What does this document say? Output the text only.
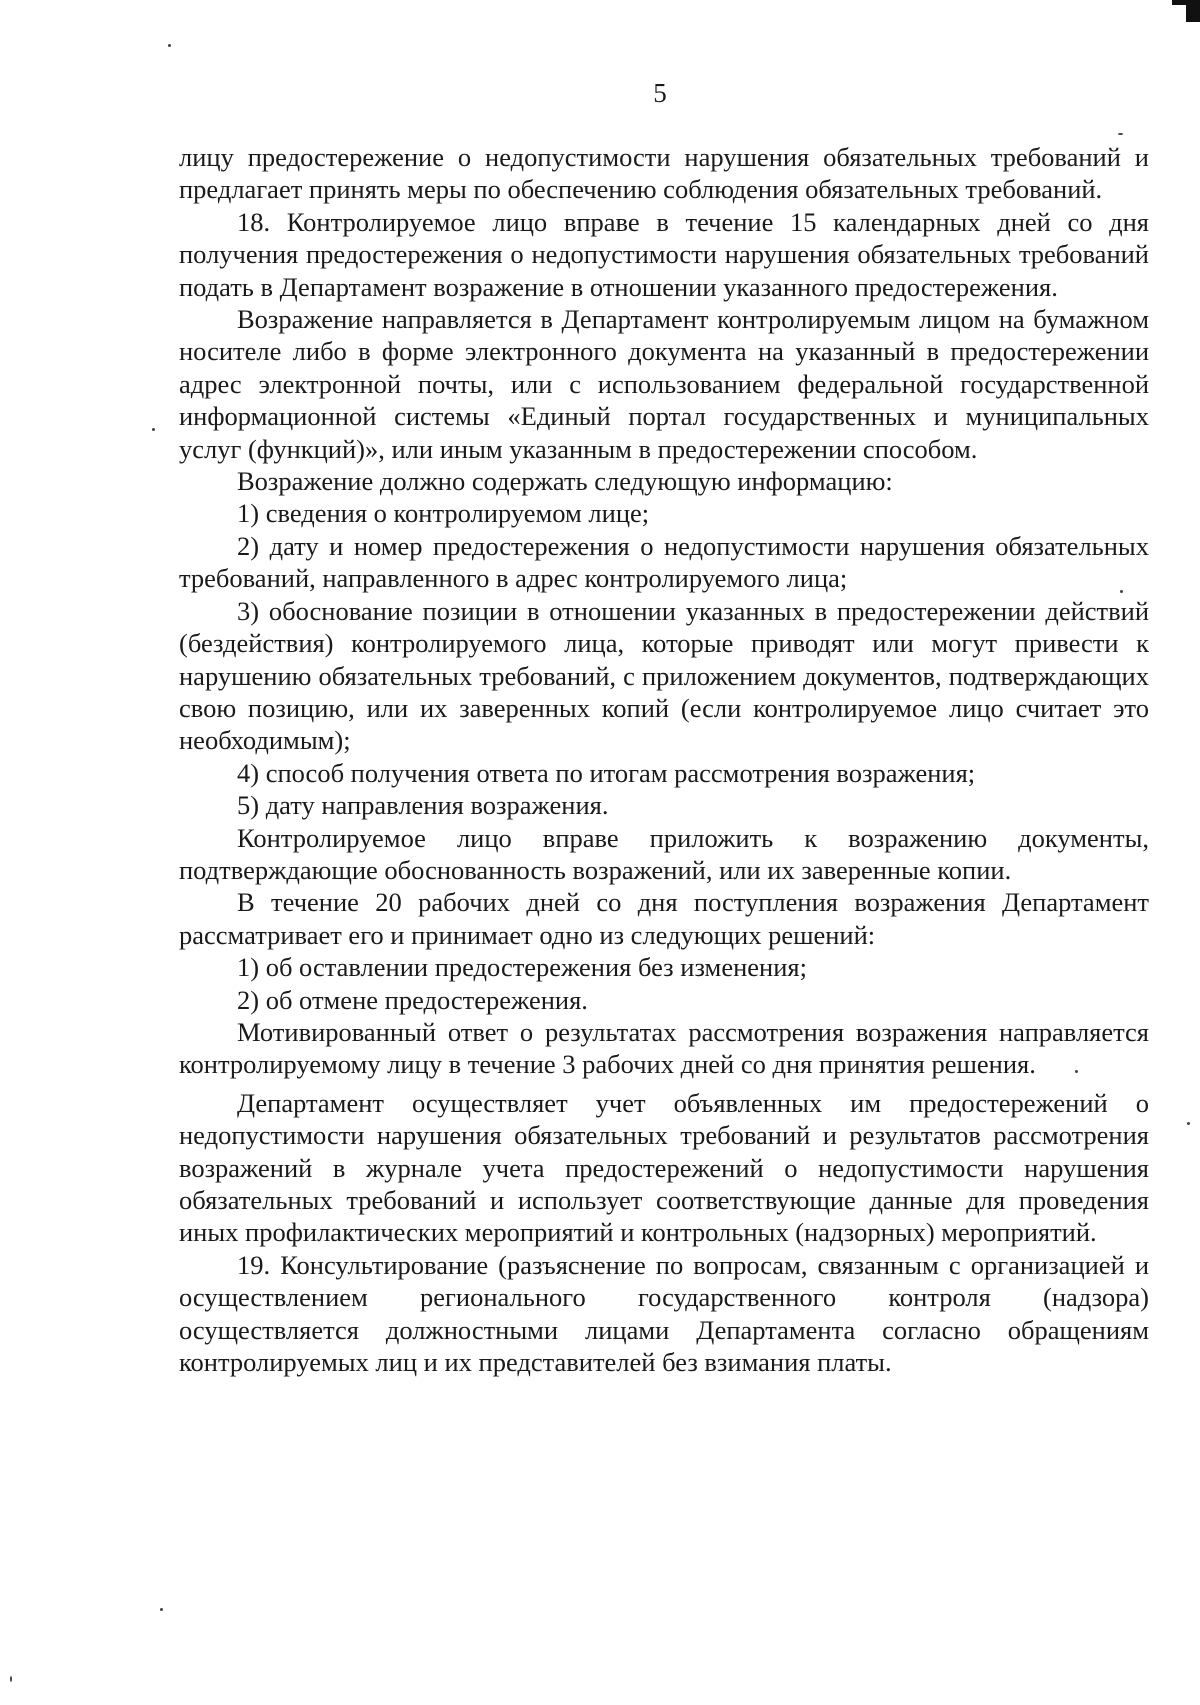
5

лицу предостережение о недопустимости нарушения обязательных требований и предлагает принять меры по обеспечению соблюдения обязательных требований.

18. Контролируемое лицо вправе в течение 15 календарных дней со дня получения предостережения о недопустимости нарушения обязательных требований подать в Департамент возражение в отношении указанного предостережения.

Возражение направляется в Департамент контролируемым лицом на бумажном носителе либо в форме электронного документа на указанный в предостережении адрес электронной почты, или с использованием федеральной государственной информационной системы «Единый портал государственных и муниципальных услуг (функций)», или иным указанным в предостережении способом.

Возражение должно содержать следующую информацию:

1) сведения о контролируемом лице;

2) дату и номер предостережения о недопустимости нарушения обязательных требований, направленного в адрес контролируемого лица;

3) обоснование позиции в отношении указанных в предостережении действий (бездействия) контролируемого лица, которые приводят или могут привести к нарушению обязательных требований, с приложением документов, подтверждающих свою позицию, или их заверенных копий (если контролируемое лицо считает это необходимым);

4) способ получения ответа по итогам рассмотрения возражения;

5) дату направления возражения.

Контролируемое лицо вправе приложить к возражению документы, подтверждающие обоснованность возражений, или их заверенные копии.

В течение 20 рабочих дней со дня поступления возражения Департамент рассматривает его и принимает одно из следующих решений:

1) об оставлении предостережения без изменения;

2) об отмене предостережения.

Мотивированный ответ о результатах рассмотрения возражения направляется контролируемому лицу в течение 3 рабочих дней со дня принятия решения.

Департамент осуществляет учет объявленных им предостережений о недопустимости нарушения обязательных требований и результатов рассмотрения возражений в журнале учета предостережений о недопустимости нарушения обязательных требований и использует соответствующие данные для проведения иных профилактических мероприятий и контрольных (надзорных) мероприятий.

19. Консультирование (разъяснение по вопросам, связанным с организацией и осуществлением регионального государственного контроля (надзора) осуществляется должностными лицами Департамента согласно обращениям контролируемых лиц и их представителей без взимания платы.
